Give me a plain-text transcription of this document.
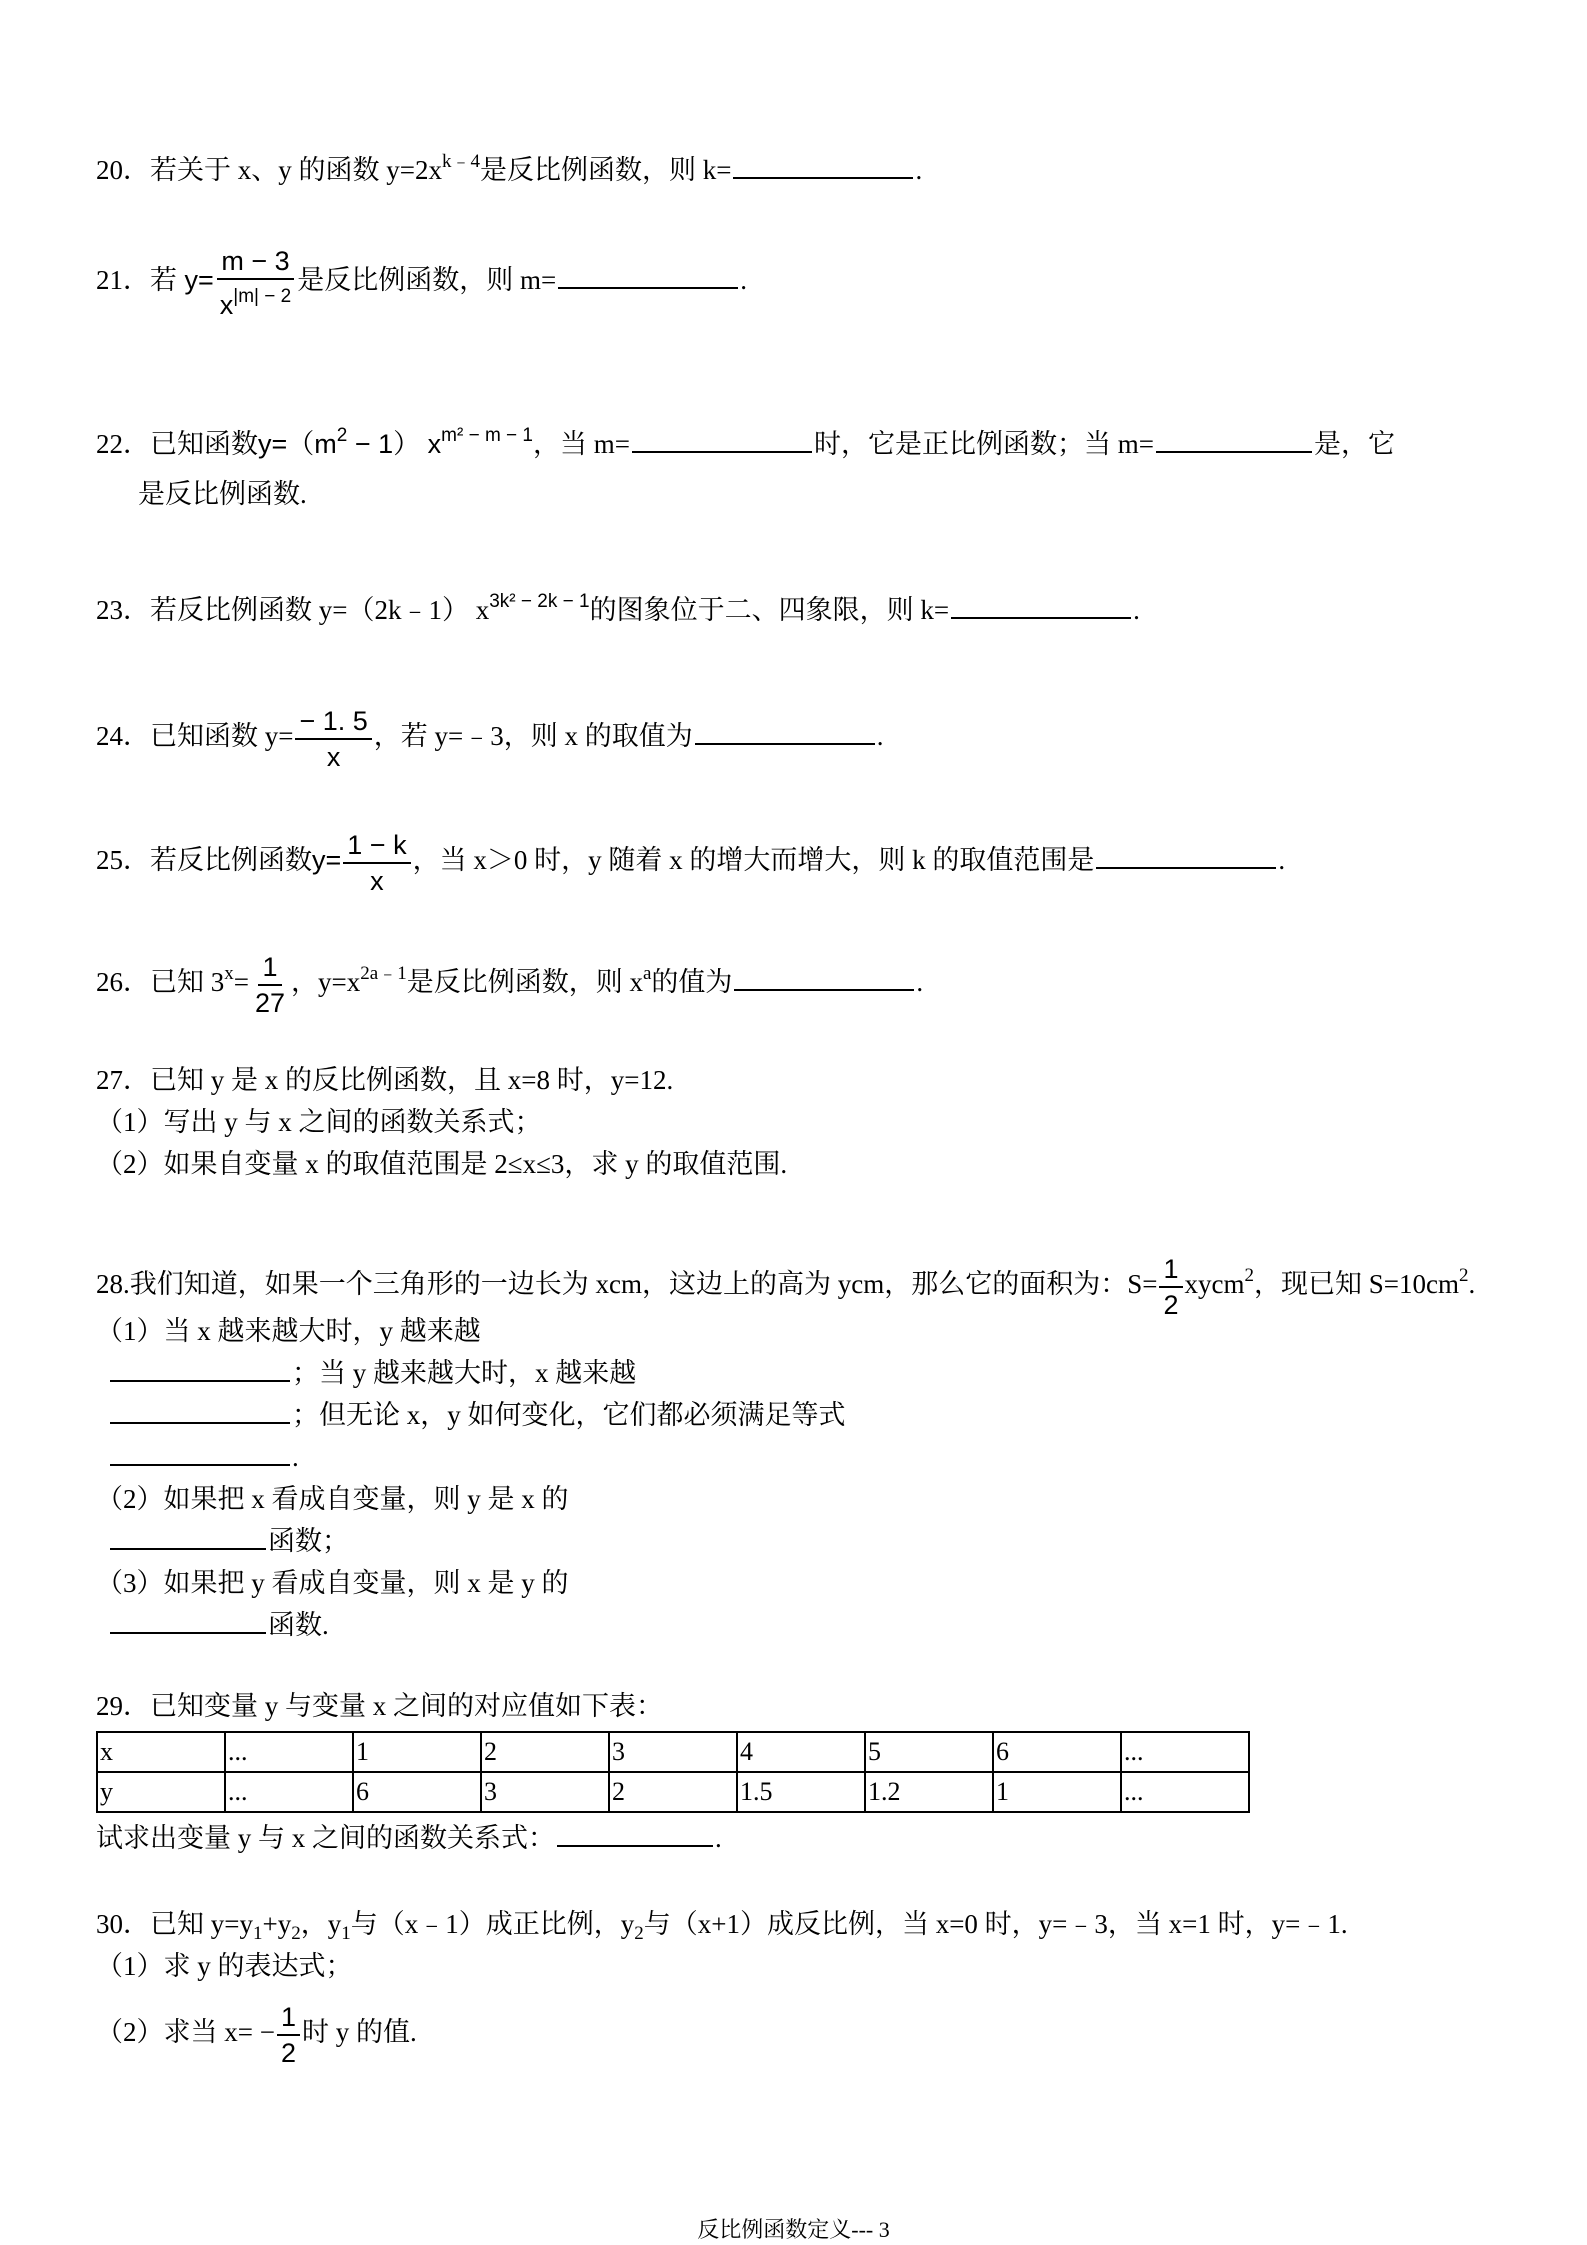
20．若关于 x、y 的函数 $y=2x^{k﹣4}$是反比例函数，则 k=	.
21．若 $y= \frac{m - 3}{x^{|m| - 2}}$ 是反比例函数，则 m=	.
22．已知函数$y=(m^2 - 1)$ $x^{m^2 - m - 1}$，当 m=	时，它是正比例函数；当 m=	是，它
是反比例函数.
23．若反比例函数 y=（2k﹣1） $x^{3k^2 - 2k - 1}$的图象位于二、四象限，则 k=	.
24．已知函数 $y= \frac{- 1. 5}{x}$ ，若 y=﹣3，则 x 的取值为	.
25．若反比例函数$y= \frac{1 - k}{x}$ ，当 x＞0 时，y 随着 x 的增大而增大，则 k 的取值范围是	.
26．已知 $3^x= \frac{1}{27}$ ，$y=x^{2a﹣1}$是反比例函数，则 $x^a$的值为	.
27．已知 y 是 x 的反比例函数，且 x=8 时，y=12.
（1）写出 y 与 x 之间的函数关系式；
（2）如果自变量 x 的取值范围是 2≤x≤3，求 y 的取值范围.
28.我们知道，如果一个三角形的一边长为 xcm，这边上的高为 ycm，那么它的面积为：$S= \frac{1}{2}$ xycm$^2$，现已知 $S=10cm^2$.
（1）当 x 越来越大时，y 越来越
；当 y 越来越大时，x 越来越
；但无论 x，y 如何变化，它们都必须满足等式
.
（2）如果把 x 看成自变量，则 y 是 x 的
函数；
（3）如果把 y 看成自变量，则 x 是 y 的
函数.
29．已知变量 y 与变量 x 之间的对应值如下表：
x	...	1	2	3	4	5	6	...
y	...	6	3	2	1.5	1.2	1	...
试求出变量 y 与 x 之间的函数关系式：	.
30．已知 $y=y_1+y_2$，$y_1$与（x﹣1）成正比例，$y_2$与（x+1）成反比例，当 x=0 时，y=﹣3，当 x=1 时，y=﹣1.
（1）求 y 的表达式；
（2）求当 $x= - \frac{1}{2}$ 时 y 的值.
反比例函数定义--- 3
